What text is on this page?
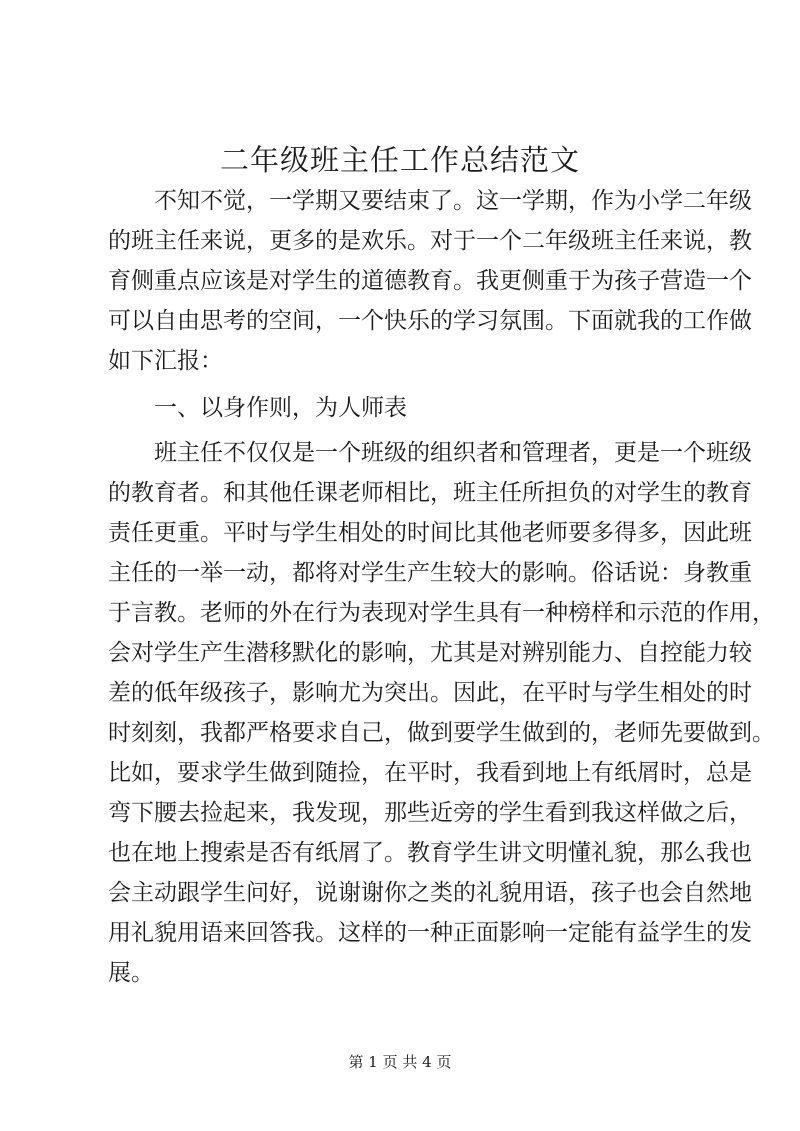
二年级班主任工作总结范文
　　不知不觉，一学期又要结束了。这一学期，作为小学二年级
的班主任来说，更多的是欢乐。对于一个二年级班主任来说，教
育侧重点应该是对学生的道德教育。我更侧重于为孩子营造一个
可以自由思考的空间，一个快乐的学习氛围。下面就我的工作做
如下汇报：
　　一、以身作则，为人师表
　　班主任不仅仅是一个班级的组织者和管理者，更是一个班级
的教育者。和其他任课老师相比，班主任所担负的对学生的教育
责任更重。平时与学生相处的时间比其他老师要多得多，因此班
主任的一举一动，都将对学生产生较大的影响。俗话说：身教重
于言教。老师的外在行为表现对学生具有一种榜样和示范的作用，
会对学生产生潜移默化的影响，尤其是对辨别能力、自控能力较
差的低年级孩子，影响尤为突出。因此，在平时与学生相处的时
时刻刻，我都严格要求自己，做到要学生做到的，老师先要做到。
比如，要求学生做到随捡，在平时，我看到地上有纸屑时，总是
弯下腰去捡起来，我发现，那些近旁的学生看到我这样做之后，
也在地上搜索是否有纸屑了。教育学生讲文明懂礼貌，那么我也
会主动跟学生问好，说谢谢你之类的礼貌用语，孩子也会自然地
用礼貌用语来回答我。这样的一种正面影响一定能有益学生的发
展。
第 1 页 共 4 页
